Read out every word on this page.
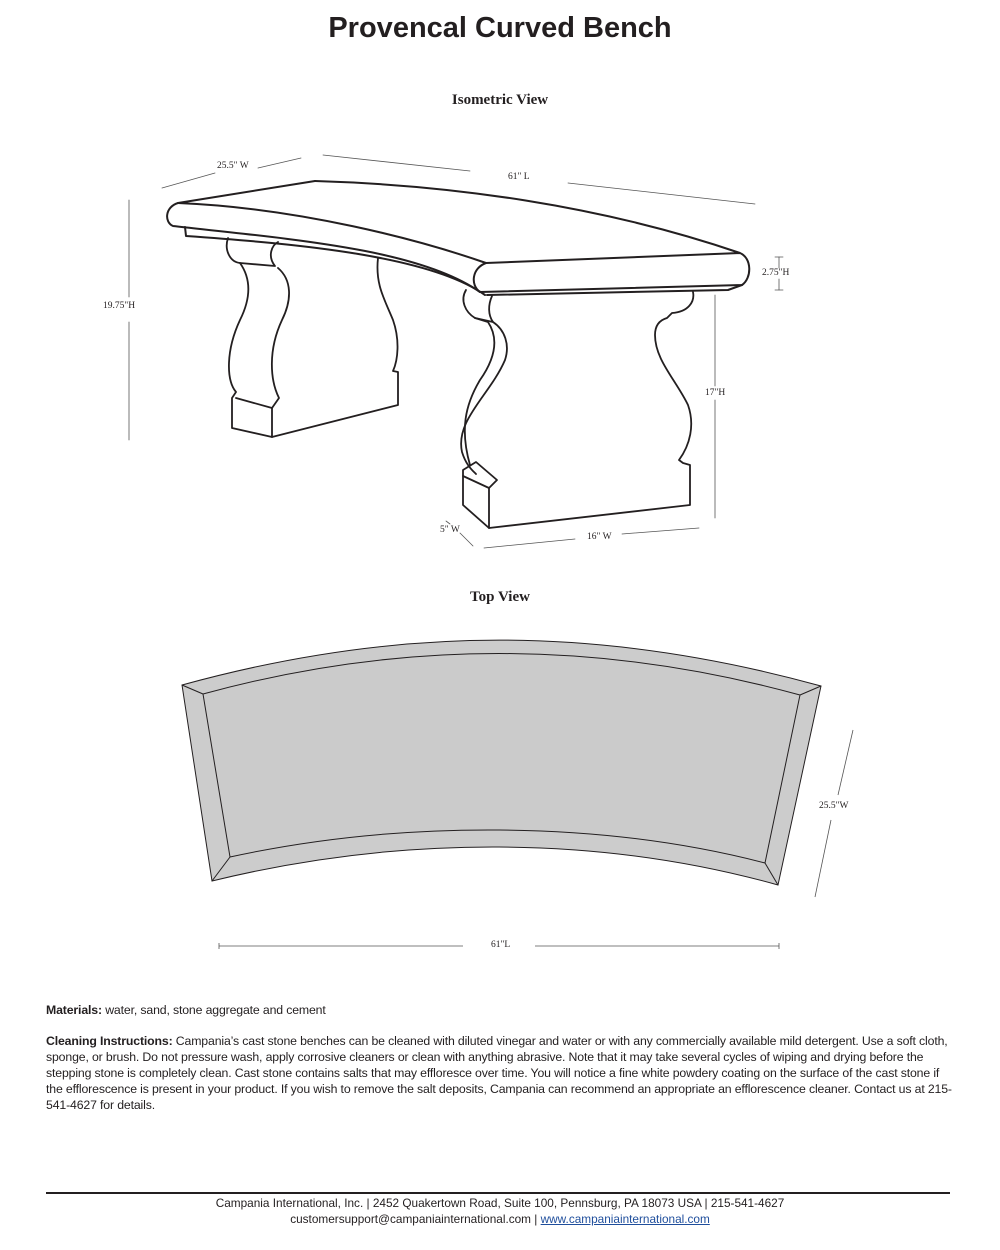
Provencal Curved Bench
Isometric View
25.5" W
61" L
19.75"H
2.75"H
17"H
5" W
16" W
Top View
25.5"W
61"L
Materials: water, sand, stone aggregate and cement
Cleaning Instructions: Campania’s cast stone benches can be cleaned with diluted vinegar and water or with any commercially available mild detergent. Use a soft cloth, sponge, or brush. Do not pressure wash, apply corrosive cleaners or clean with anything abrasive. Note that it may take several cycles of wiping and drying before the stepping stone is completely clean. Cast stone contains salts that may effloresce over time. You will notice a fine white powdery coating on the surface of the cast stone if the efflorescence is present in your product. If you wish to remove the salt deposits, Campania can recommend an appropriate an efflorescence cleaner. Contact us at 215-541-4627 for details.
Campania International, Inc. | 2452 Quakertown Road, Suite 100, Pennsburg, PA 18073 USA | 215-541-4627
customersupport@campaniainternational.com | www.campaniainternational.com
